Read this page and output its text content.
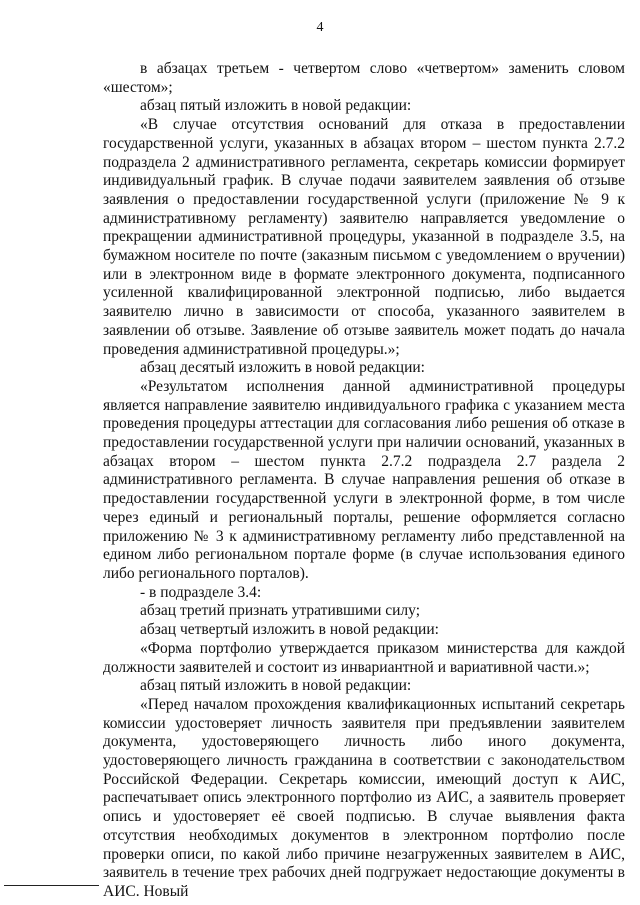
4

в абзацах третьем - четвертом слово «четвертом» заменить словом «шестом»;

абзац пятый изложить в новой редакции:

«В случае отсутствия оснований для отказа в предоставлении государственной услуги, указанных в абзацах втором – шестом пункта 2.7.2 подраздела 2 административного регламента, секретарь комиссии формирует индивидуальный график. В случае подачи заявителем заявления об отзыве заявления о предоставлении государственной услуги (приложение № 9 к административному регламенту) заявителю направляется уведомление о прекращении административной процедуры, указанной в подразделе 3.5, на бумажном носителе по почте (заказным письмом с уведомлением о вручении) или в электронном виде в формате электронного документа, подписанного усиленной квалифицированной электронной подписью, либо выдается заявителю лично в зависимости от способа, указанного заявителем в заявлении об отзыве. Заявление об отзыве заявитель может подать до начала проведения административной процедуры.»;

абзац десятый изложить в новой редакции:

«Результатом исполнения данной административной процедуры является направление заявителю индивидуального графика с указанием места проведения процедуры аттестации для согласования либо решения об отказе в предоставлении государственной услуги при наличии оснований, указанных в абзацах втором – шестом пункта 2.7.2 подраздела 2.7 раздела 2 административного регламента. В случае направления решения об отказе в предоставлении государственной услуги в электронной форме, в том числе через единый и региональный порталы, решение оформляется согласно приложению № 3 к административному регламенту либо представленной на едином либо региональном портале форме (в случае использования единого либо регионального порталов).

- в подразделе 3.4:

абзац третий признать утратившими силу;

абзац четвертый изложить в новой редакции:

«Форма портфолио утверждается приказом министерства для каждой должности заявителей и состоит из инвариантной и вариативной части.»;

абзац пятый изложить в новой редакции:

«Перед началом прохождения квалификационных испытаний секретарь комиссии удостоверяет личность заявителя при предъявлении заявителем документа, удостоверяющего личность либо иного документа, удостоверяющего личность гражданина в соответствии с законодательством Российской Федерации. Секретарь комиссии, имеющий доступ к АИС, распечатывает опись электронного портфолио из АИС, а заявитель проверяет опись и удостоверяет её своей подписью. В случае выявления факта отсутствия необходимых документов в электронном портфолио после проверки описи, по какой либо причине незагруженных заявителем в АИС, заявитель в течение трех рабочих дней подгружает недостающие документы в АИС. Новый
